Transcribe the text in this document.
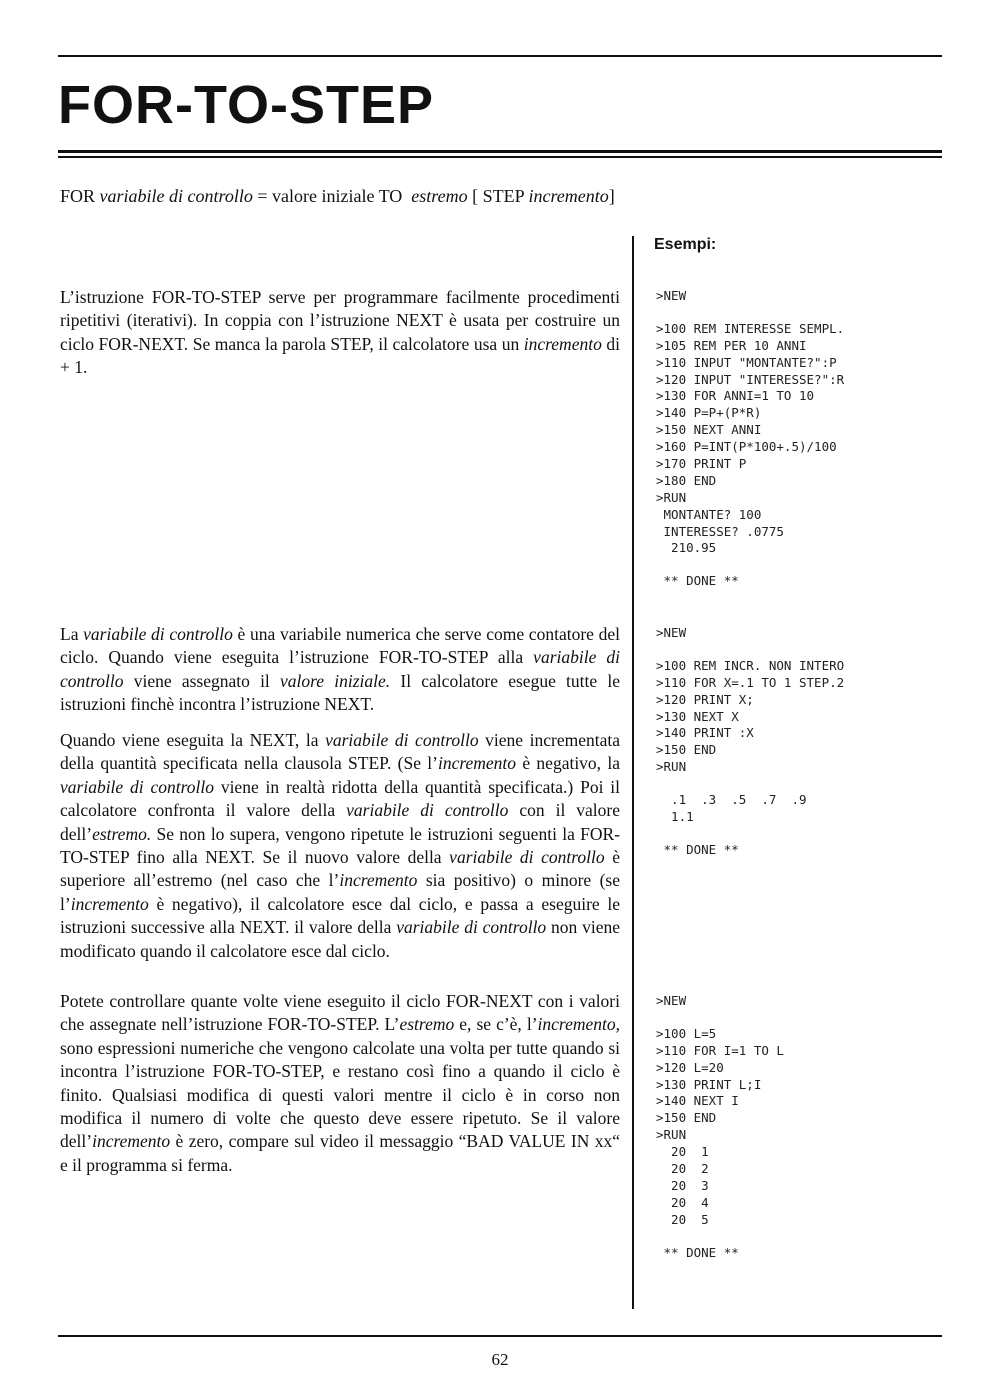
FOR-TO-STEP
FOR variabile di controllo = valore iniziale TO estremo [ STEP incremento]
Esempi:

L’istruzione FOR-TO-STEP serve per programmare facilmente procedimenti ripetitivi (iterativi). In coppia con l’istruzione NEXT è usata per costruire un ciclo FOR-NEXT. Se manca la parola STEP, il calcolatore usa un incremento di + 1.

La variabile di controllo è una variabile numerica che serve come contatore del ciclo. Quando viene eseguita l’istruzione FOR-TO-STEP alla variabile di controllo viene assegnato il valore iniziale. Il calcolatore esegue tutte le istruzioni finchè incontra l’istruzione NEXT.

Quando viene eseguita la NEXT, la variabile di controllo viene incrementata della quantità specificata nella clausola STEP. (Se l’incremento è negativo, la variabile di controllo viene in realtà ridotta della quantità specificata.) Poi il calcolatore confronta il valore della variabile di controllo con il valore dell’estremo. Se non lo supera, vengono ripetute le istruzioni seguenti la FOR- TO-STEP fino alla NEXT. Se il nuovo valore della variabile di controllo è superiore all’estremo (nel caso che l’incremento sia positivo) o minore (se l’incremento è negativo), il calcolatore esce dal ciclo, e passa a eseguire le istruzioni successive alla NEXT. il valore della variabile di controllo non viene modificato quando il calcolatore esce dal ciclo.

Potete controllare quante volte viene eseguito il ciclo FOR-NEXT con i valori che assegnate nell’istruzione FOR-TO-STEP. L’estremo e, se c’è, l’incremento, sono espressioni numeriche che vengono calcolate una volta per tutte quando si incontra l’istruzione FOR-TO-STEP, e restano così fino a quando il ciclo è finito. Qualsiasi modifica di questi valori mentre il ciclo è in corso non modifica il numero di volte che questo deve essere ripetuto. Se il valore dell’incremento è zero, compare sul video il messaggio “BAD VALUE IN xx“ e il programma si ferma.

>NEW
>100 REM INTERESSE SEMPL.
>105 REM PER 10 ANNI
>110 INPUT "MONTANTE?":P
>120 INPUT "INTERESSE?":R
>130 FOR ANNI=1 TO 10
>140 P=P+(P*R)
>150 NEXT ANNI
>160 P=INT(P*100+.5)/100
>170 PRINT P
>180 END
>RUN
MONTANTE? 100
INTERESSE? .0775
210.95
** DONE **
>NEW
>100 REM INCR. NON INTERO
>110 FOR X=.1 TO 1 STEP.2
>120 PRINT X;
>130 NEXT X
>140 PRINT :X
>150 END
>RUN
.1  .3  .5  .7  .9
1.1
** DONE **
>NEW
>100 L=5
>110 FOR I=1 TO L
>120 L=20
>130 PRINT L;I
>140 NEXT I
>150 END
>RUN
20  1
20  2
20  3
20  4
20  5
** DONE **
62
